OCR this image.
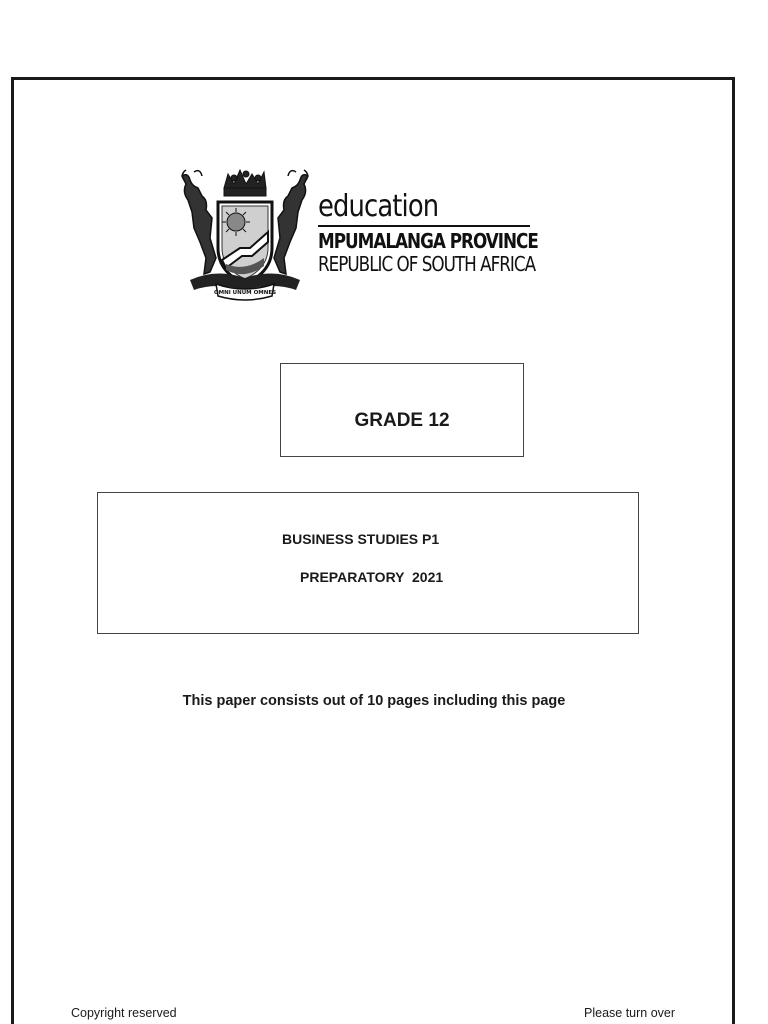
OMNI UNUM OMNES
education
MPUMALANGA PROVINCE
REPUBLIC OF SOUTH AFRICA
GRADE 12
BUSINESS STUDIES P1
PREPARATORY  2021
This paper consists out of 10 pages including this page
Copyright reserved	Please turn over
